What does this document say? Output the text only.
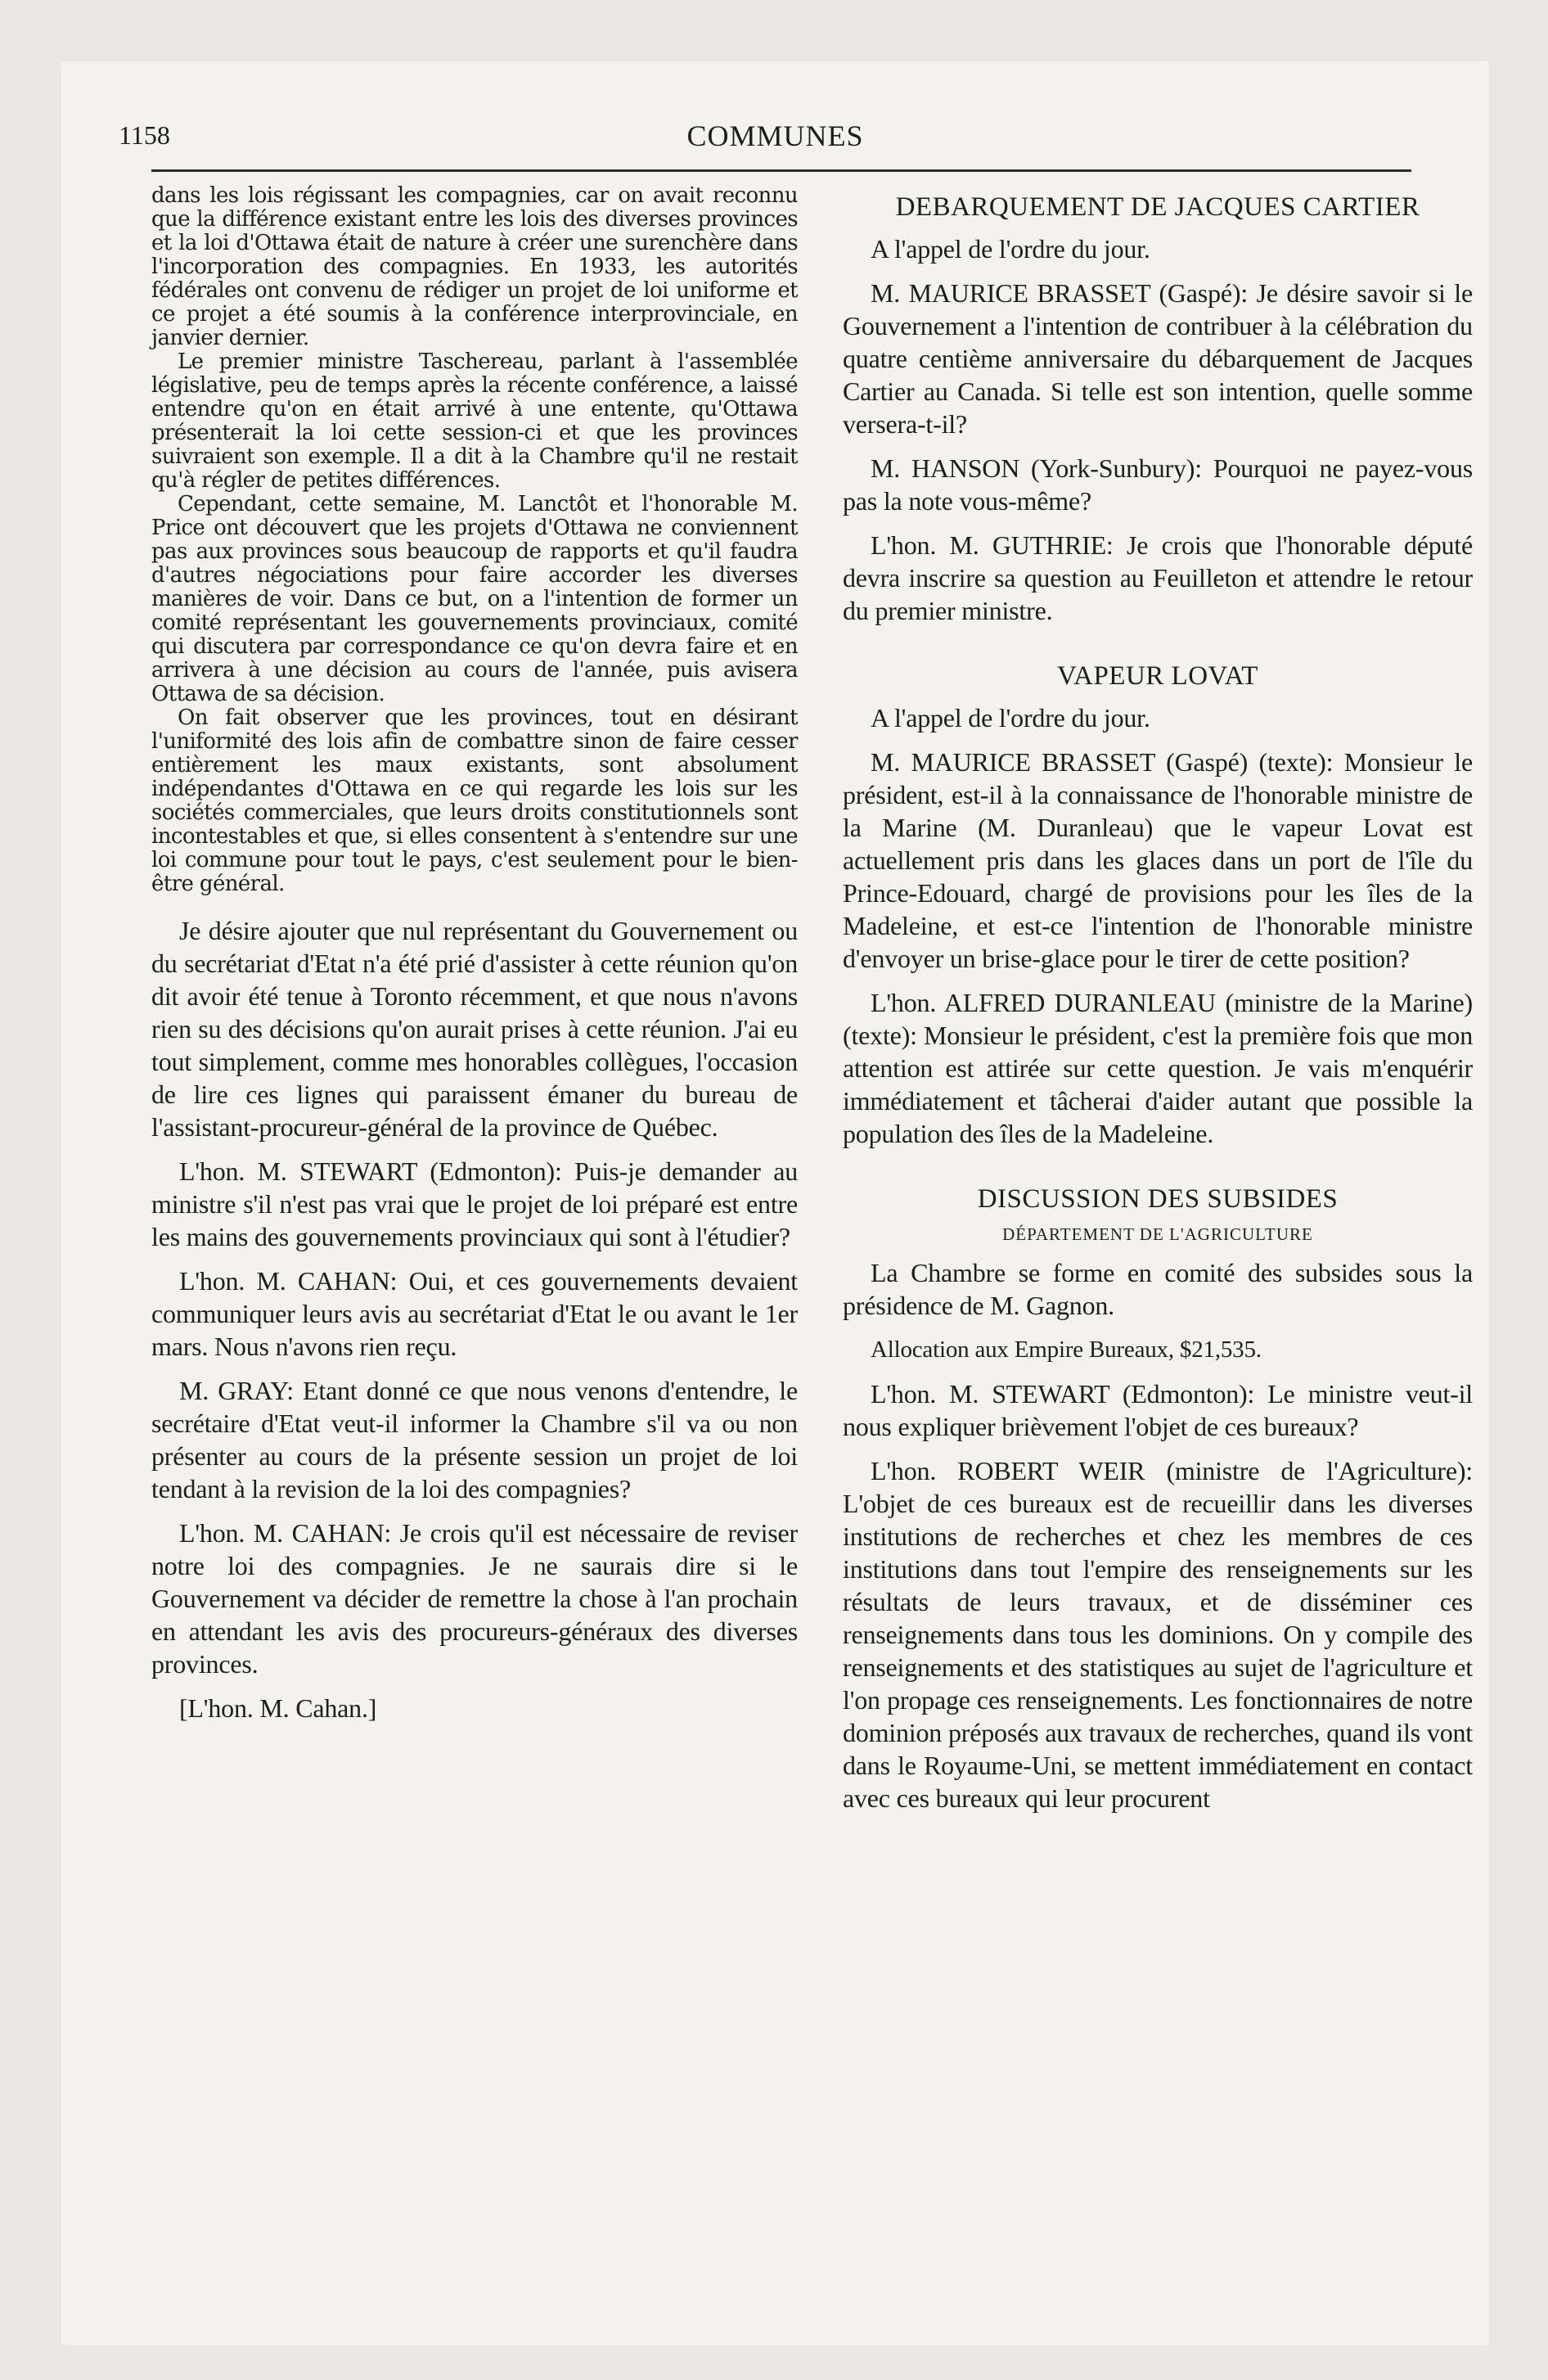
1158	COMMUNES

dans les lois régissant les compagnies, car on avait reconnu que la différence existant entre les lois des diverses provinces et la loi d'Ottawa était de nature à créer une surenchère dans l'incorporation des compagnies. En 1933, les autorités fédérales ont convenu de rédiger un projet de loi uniforme et ce projet a été soumis à la conférence interprovinciale, en janvier dernier.

Le premier ministre Taschereau, parlant à l'assemblée législative, peu de temps après la récente conférence, a laissé entendre qu'on en était arrivé à une entente, qu'Ottawa présenterait la loi cette session-ci et que les provinces suivraient son exemple. Il a dit à la Chambre qu'il ne restait qu'à régler de petites différences.

Cependant, cette semaine, M. Lanctôt et l'honorable M. Price ont découvert que les projets d'Ottawa ne conviennent pas aux provinces sous beaucoup de rapports et qu'il faudra d'autres négociations pour faire accorder les diverses manières de voir. Dans ce but, on a l'intention de former un comité représentant les gouvernements provinciaux, comité qui discutera par correspondance ce qu'on devra faire et en arrivera à une décision au cours de l'année, puis avisera Ottawa de sa décision.

On fait observer que les provinces, tout en désirant l'uniformité des lois afin de combattre sinon de faire cesser entièrement les maux existants, sont absolument indépendantes d'Ottawa en ce qui regarde les lois sur les sociétés commerciales, que leurs droits constitutionnels sont incontestables et que, si elles consentent à s'entendre sur une loi commune pour tout le pays, c'est seulement pour le bien-être général.

Je désire ajouter que nul représentant du Gouvernement ou du secrétariat d'Etat n'a été prié d'assister à cette réunion qu'on dit avoir été tenue à Toronto récemment, et que nous n'avons rien su des décisions qu'on aurait prises à cette réunion. J'ai eu tout simplement, comme mes honorables collègues, l'occasion de lire ces lignes qui paraissent émaner du bureau de l'assistant-procureur-général de la province de Québec.

L'hon. M. STEWART (Edmonton): Puis-je demander au ministre s'il n'est pas vrai que le projet de loi préparé est entre les mains des gouvernements provinciaux qui sont à l'étudier?

L'hon. M. CAHAN: Oui, et ces gouvernements devaient communiquer leurs avis au secrétariat d'Etat le ou avant le 1er mars. Nous n'avons rien reçu.

M. GRAY: Etant donné ce que nous venons d'entendre, le secrétaire d'Etat veut-il informer la Chambre s'il va ou non présenter au cours de la présente session un projet de loi tendant à la revision de la loi des compagnies?

L'hon. M. CAHAN: Je crois qu'il est nécessaire de reviser notre loi des compagnies. Je ne saurais dire si le Gouvernement va décider de remettre la chose à l'an prochain en attendant les avis des procureurs-généraux des diverses provinces.

[L'hon. M. Cahan.]

DEBARQUEMENT DE JACQUES CARTIER

A l'appel de l'ordre du jour.

M. MAURICE BRASSET (Gaspé): Je désire savoir si le Gouvernement a l'intention de contribuer à la célébration du quatre centième anniversaire du débarquement de Jacques Cartier au Canada. Si telle est son intention, quelle somme versera-t-il?

M. HANSON (York-Sunbury): Pourquoi ne payez-vous pas la note vous-même?

L'hon. M. GUTHRIE: Je crois que l'honorable député devra inscrire sa question au Feuilleton et attendre le retour du premier ministre.

VAPEUR LOVAT

A l'appel de l'ordre du jour.

M. MAURICE BRASSET (Gaspé) (texte): Monsieur le président, est-il à la connaissance de l'honorable ministre de la Marine (M. Duranleau) que le vapeur Lovat est actuellement pris dans les glaces dans un port de l'île du Prince-Edouard, chargé de provisions pour les îles de la Madeleine, et est-ce l'intention de l'honorable ministre d'envoyer un brise-glace pour le tirer de cette position?

L'hon. ALFRED DURANLEAU (ministre de la Marine) (texte): Monsieur le président, c'est la première fois que mon attention est attirée sur cette question. Je vais m'enquérir immédiatement et tâcherai d'aider autant que possible la population des îles de la Madeleine.

DISCUSSION DES SUBSIDES
DÉPARTEMENT DE L'AGRICULTURE

La Chambre se forme en comité des subsides sous la présidence de M. Gagnon.

Allocation aux Empire Bureaux, $21,535.

L'hon. M. STEWART (Edmonton): Le ministre veut-il nous expliquer brièvement l'objet de ces bureaux?

L'hon. ROBERT WEIR (ministre de l'Agriculture): L'objet de ces bureaux est de recueillir dans les diverses institutions de recherches et chez les membres de ces institutions dans tout l'empire des renseignements sur les résultats de leurs travaux, et de disséminer ces renseignements dans tous les dominions. On y compile des renseignements et des statistiques au sujet de l'agriculture et l'on propage ces renseignements. Les fonctionnaires de notre dominion préposés aux travaux de recherches, quand ils vont dans le Royaume-Uni, se mettent immédiatement en contact avec ces bureaux qui leur procurent
